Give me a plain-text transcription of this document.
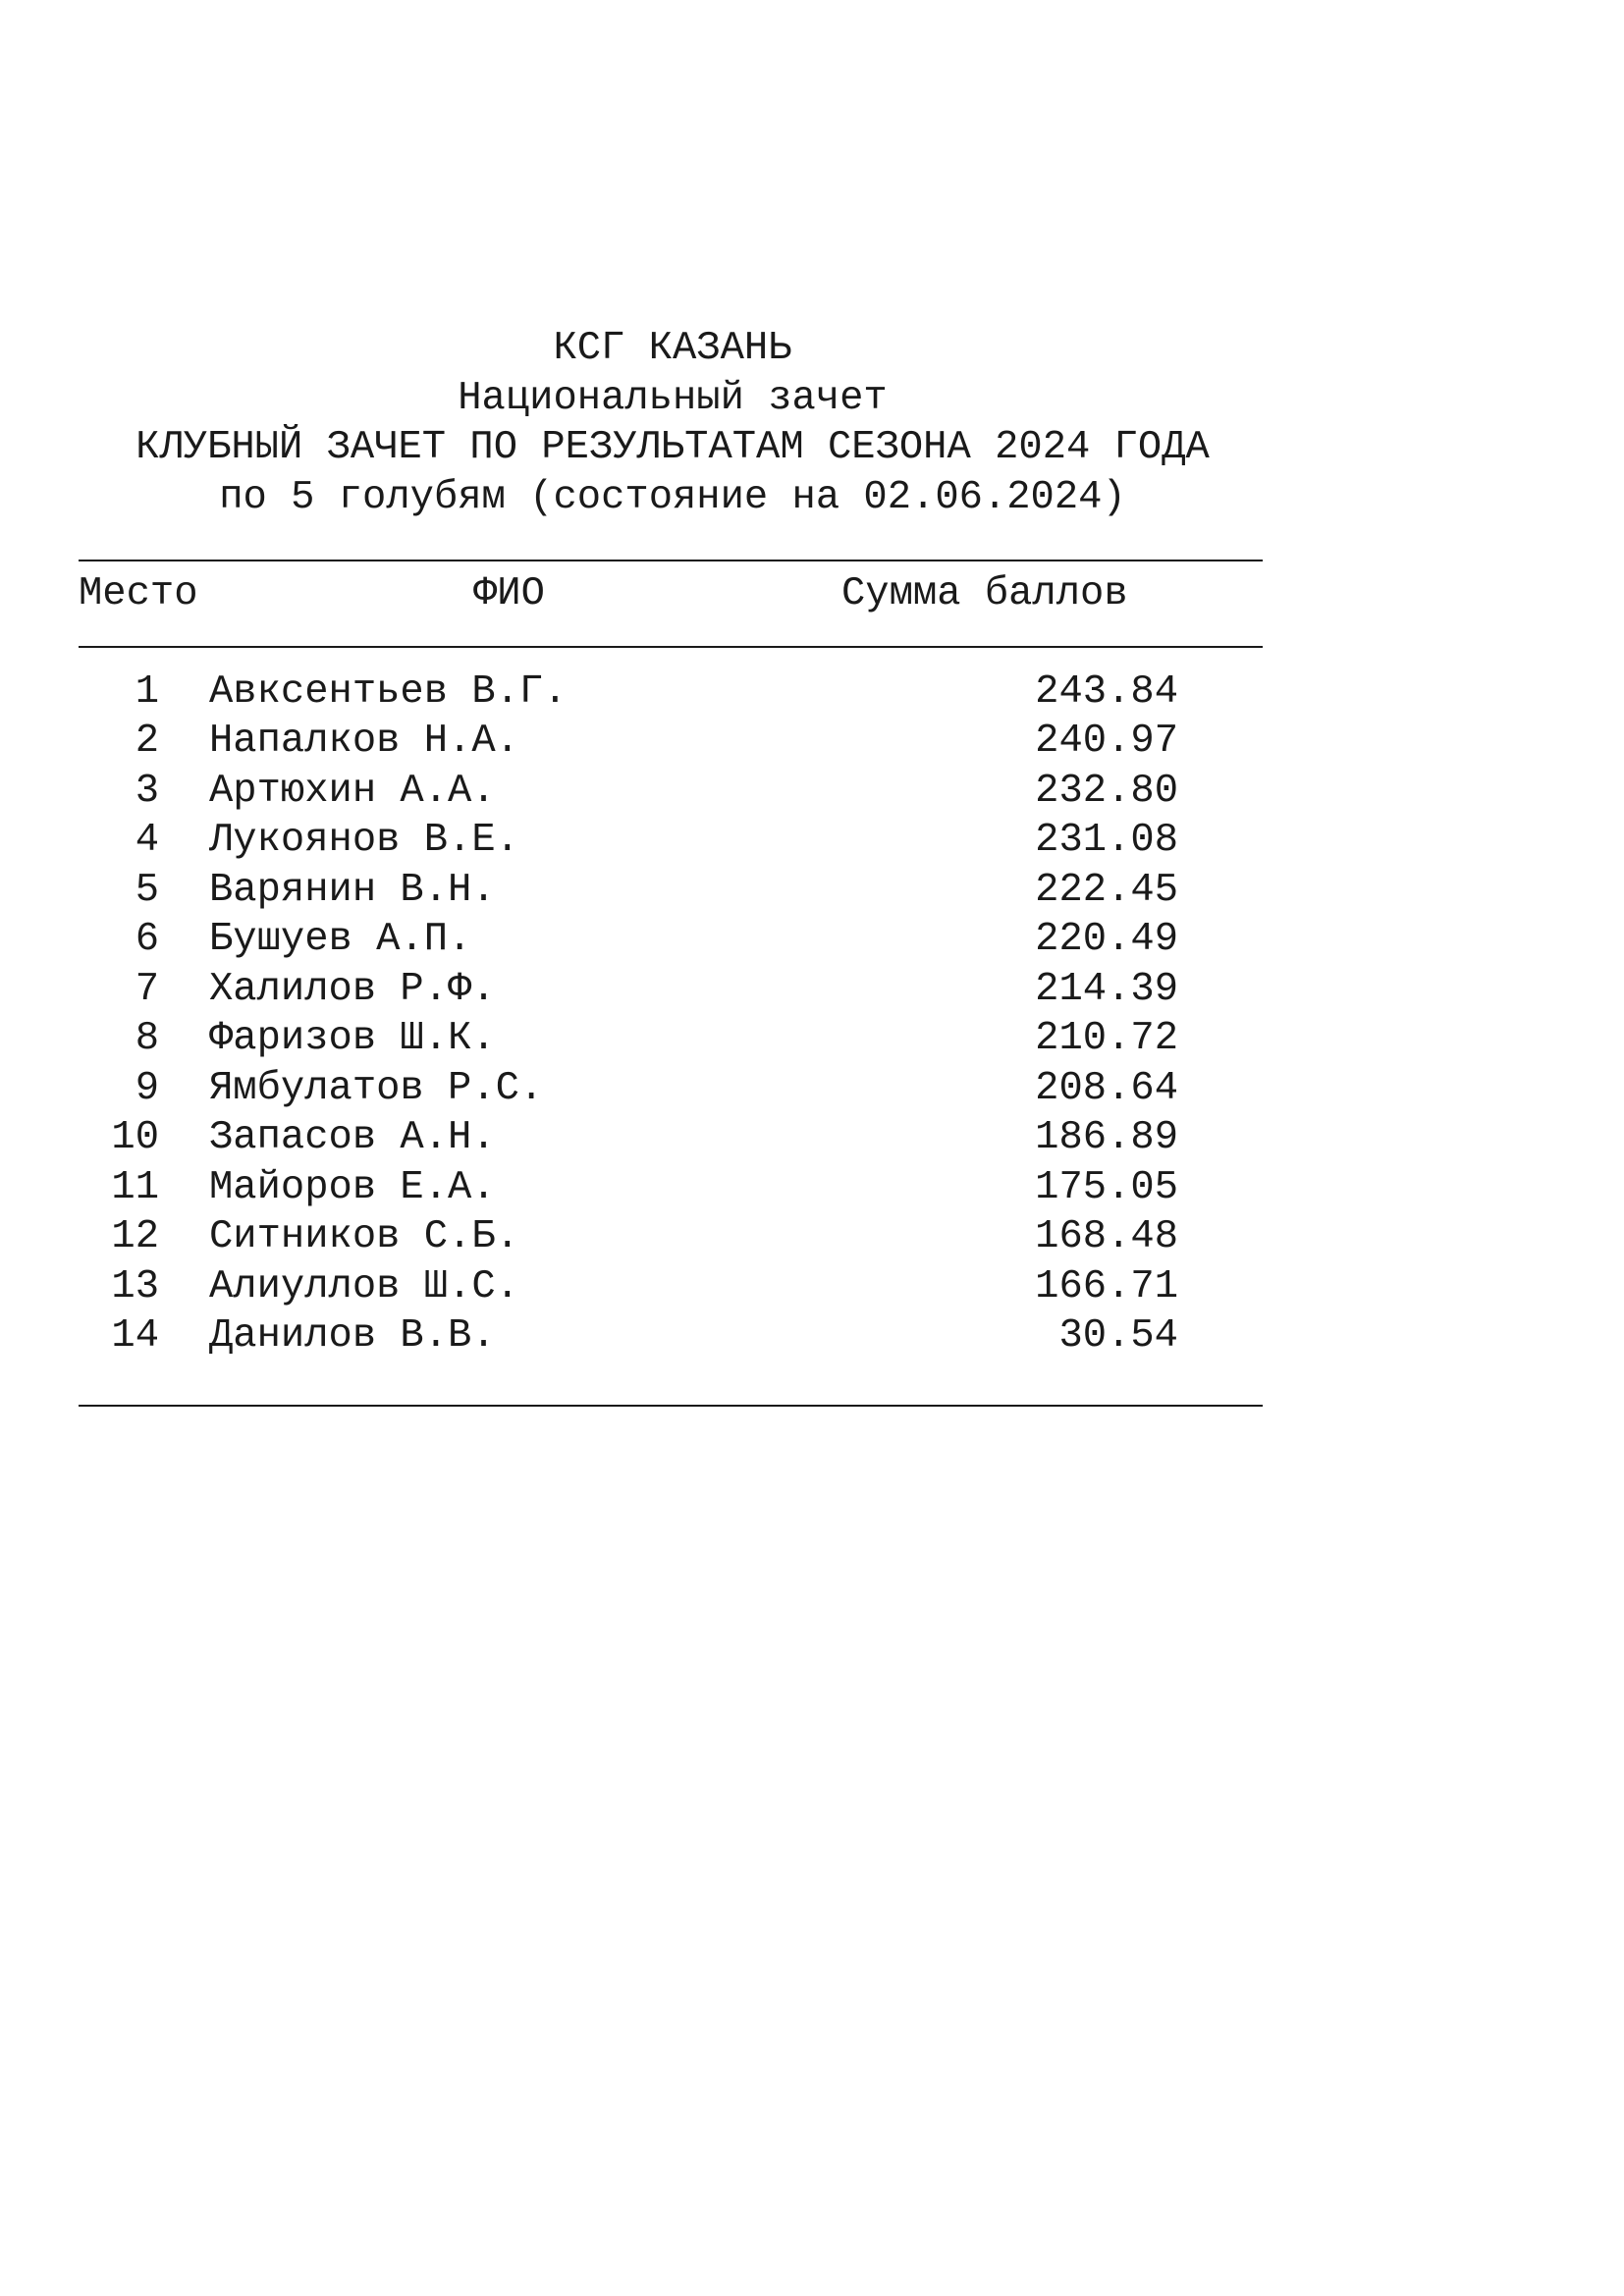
КСГ КАЗАНЬ
Национальный зачет
КЛУБНЫЙ ЗАЧЕТ ПО РЕЗУЛЬТАТАМ СЕЗОНА 2024 ГОДА
по 5 голубям (состояние на 02.06.2024)
Место	ФИО	Сумма баллов
1 Авксентьев В.Г.	243.84
2 Напалков Н.А.	240.97
3 Артюхин А.А.	232.80
4 Лукоянов В.Е.	231.08
5 Варянин В.Н.	222.45
6 Бушуев А.П.	220.49
7 Халилов Р.Ф.	214.39
8 Фаризов Ш.К.	210.72
9 Ямбулатов Р.С.	208.64
10 Запасов А.Н.	186.89
11 Майоров Е.А.	175.05
12 Ситников С.Б.	168.48
13 Алиуллов Ш.С.	166.71
14 Данилов В.В.	30.54
